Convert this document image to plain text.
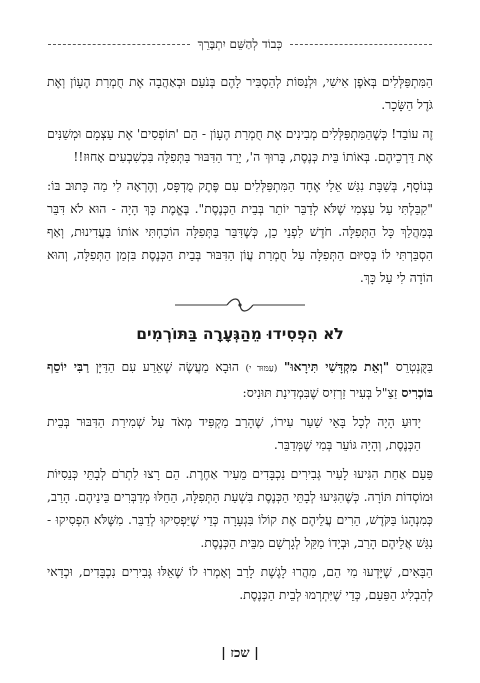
כְּבוֹד לְהַשֵּׁם יִתְבָּרֵךְ

הַמִּתְפַּלְּלִים בְּאֹפֶן אִישִׁי, וּלְנַסּוֹת לְהַסְבִּיר לָהֶם בְּנֹעַם וּבְאַהֲבָה אֶת חֻמְרַת הֶעָוֹן וְאֶת גֹּדֶל הַשָּׂכָר.

זֶה עוֹבֵד! כְּשֶׁהַמִּתְפַּלְּלִים מְבִינִים אֶת חֻמְרַת הֶעָוֹן - הֵם 'תּוֹפְסִים' אֶת עַצְמָם וּמְשַׁנִּים אֶת דַּרְכֵיהֶם. בְּאוֹתוֹ בֵּית כְּנֶסֶת, בָּרוּךְ ה', יָרַד הַדִּבּוּר בַּתְּפִלָּה בִּכְשִׁבְעִים אָחוּז!!

בְּנוֹסָף, בְּשַׁבָּת נִגַּשׁ אֵלַי אֶחָד הַמִּתְפַּלְּלִים עִם פֶּתֶק מֻדְפָּס, וְהֶרְאָה לִי מַה כָּתוּב בּוֹ: "קִבַּלְתִּי עַל עַצְמִי שֶׁלֹּא לְדַבֵּר יוֹתֵר בְּבֵית הַכְּנֶסֶת". בֶּאֱמֶת כָּךְ הָיָה - הוּא לֹא דִּבֵּר בְּמַהֲלַךְ כָּל הַתְּפִלָּה. חֹדֶשׁ לִפְנֵי כֵן, כְּשֶׁדִּבֵּר בַּתְּפִלָּה הוֹכַחְתִּי אוֹתוֹ בַּעֲדִינוּת, וְאַף הִסְבַּרְתִּי לוֹ בְּסִיּוּם הַתְּפִלָּה עַל חֻמְרַת עֲוֹן הַדִּבּוּר בְּבֵית הַכְּנֶסֶת בִּזְמַן הַתְּפִלָּה, וְהוּא הוֹדָה לִי עַל כָּךְ.

לֹא הִפְסִידוּ מֵהַגְּעָרָה בַּתּוֹרְמִים

בַּקֻּנְטְרֵס "וְאֵת מִקְדָּשִׁי תִּירָאוּ" (עַמּוּד י) הוּבָא מַעֲשֶׂה שֶׁאֵרַע עִם הַדַּיָּן רַבִּי יוֹסֵף בּוֹכְרִיס זַצַ"ל בְּעִיר זַרְזִיס שֶׁבִּמְדִינַת תּוּנִיס:

יָדוּעַ הָיָה לְכָל בָּאֵי שַׁעַר עִירוֹ, שֶׁהָרַב מַקְפִּיד מְאֹד עַל שְׁמִירַת הַדִּבּוּר בְּבֵית הַכְּנֶסֶת, וְהָיָה גּוֹעֵר בְּמִי שֶׁמְּדַבֵּר.

פַּעַם אַחַת הִגִּיעוּ לָעִיר גְּבִירִים נִכְבָּדִים מֵעִיר אַחֶרֶת. הֵם רָצוּ לִתְרֹם לְבָתֵּי כְּנֵסִיּוֹת וּמוֹסְדוֹת תּוֹרָה. כְּשֶׁהִגִּיעוּ לְבָתֵּי הַכְּנֶסֶת בִּשְׁעַת הַתְּפִלָּה, הֵחֵלּוּ מְדַבְּרִים בֵּינֵיהֶם. הָרַב, כְּמִנְהָגוֹ בַּקֹּדֶשׁ, הֵרִים עֲלֵיהֶם אֶת קוֹלוֹ בִּגְעָרָה כְּדֵי שֶׁיַּפְסִיקוּ לְדַבֵּר. מִשֶּׁלֹּא הִפְסִיקוּ - נִגַּשׁ אֲלֵיהֶם הָרַב, וּבְיָדוֹ מַקֵּל לְגָרְשָׁם מִבֵּית הַכְּנֶסֶת.

הַבָּאִים, שֶׁיָּדְעוּ מִי הֵם, מִהֲרוּ לָגֶשֶׁת לָרַב וְאָמְרוּ לוֹ שֶׁאֵלּוּ גְּבִירִים נִכְבָּדִים, וּכְדַאי לְהַבְלִיג הַפַּעַם, כְּדֵי שֶׁיִּתְרְמוּ לְבֵית הַכְּנֶסֶת.

| שכז |
